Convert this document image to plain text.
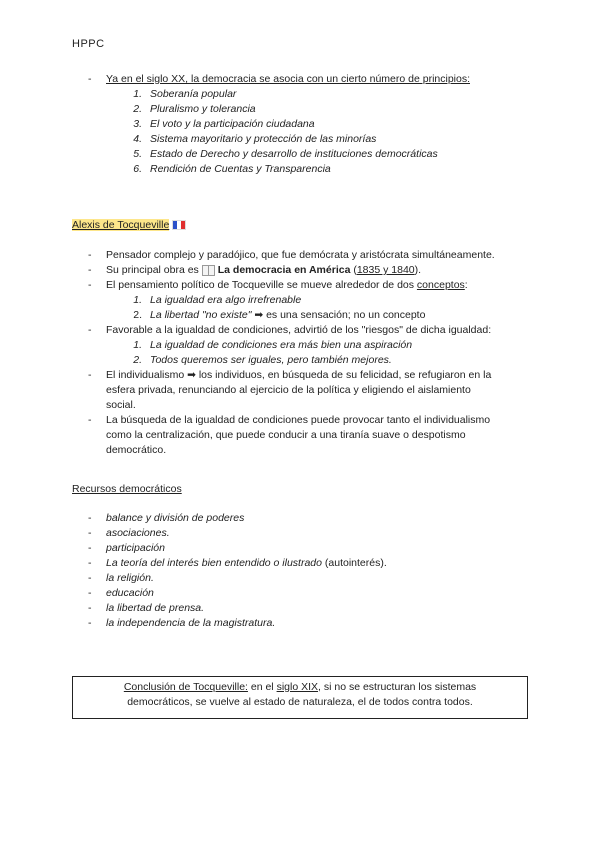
HPPC
- Ya en el siglo XX, la democracia se asocia con un cierto número de principios:
1. Soberanía popular
2. Pluralismo y tolerancia
3. El voto y la participación ciudadana
4. Sistema mayoritario y protección de las minorías
5. Estado de Derecho y desarrollo de instituciones democráticas
6. Rendición de Cuentas y Transparencia
Alexis de Tocqueville
- Pensador complejo y paradójico, que fue demócrata y aristócrata simultáneamente.
- Su principal obra es La democracia en América (1835 y 1840).
- El pensamiento político de Tocqueville se mueve alrededor de dos conceptos:
1. La igualdad era algo irrefrenable
2. La libertad "no existe" ➡ es una sensación; no un concepto
- Favorable a la igualdad de condiciones, advirtió de los "riesgos" de dicha igualdad:
1. La igualdad de condiciones era más bien una aspiración
2. Todos queremos ser iguales, pero también mejores.
- El individualismo ➡ los individuos, en búsqueda de su felicidad, se refugiaron en la
esfera privada, renunciando al ejercicio de la política y eligiendo el aislamiento
social.
- La búsqueda de la igualdad de condiciones puede provocar tanto el individualismo
como la centralización, que puede conducir a una tiranía suave o despotismo
democrático.
Recursos democráticos
- balance y división de poderes
- asociaciones.
- participación
- La teoría del interés bien entendido o ilustrado (autointerés).
- la religión.
- educación
- la libertad de prensa.
- la independencia de la magistratura.
Conclusión de Tocqueville: en el siglo XIX, si no se estructuran los sistemas
democráticos, se vuelve al estado de naturaleza, el de todos contra todos.
